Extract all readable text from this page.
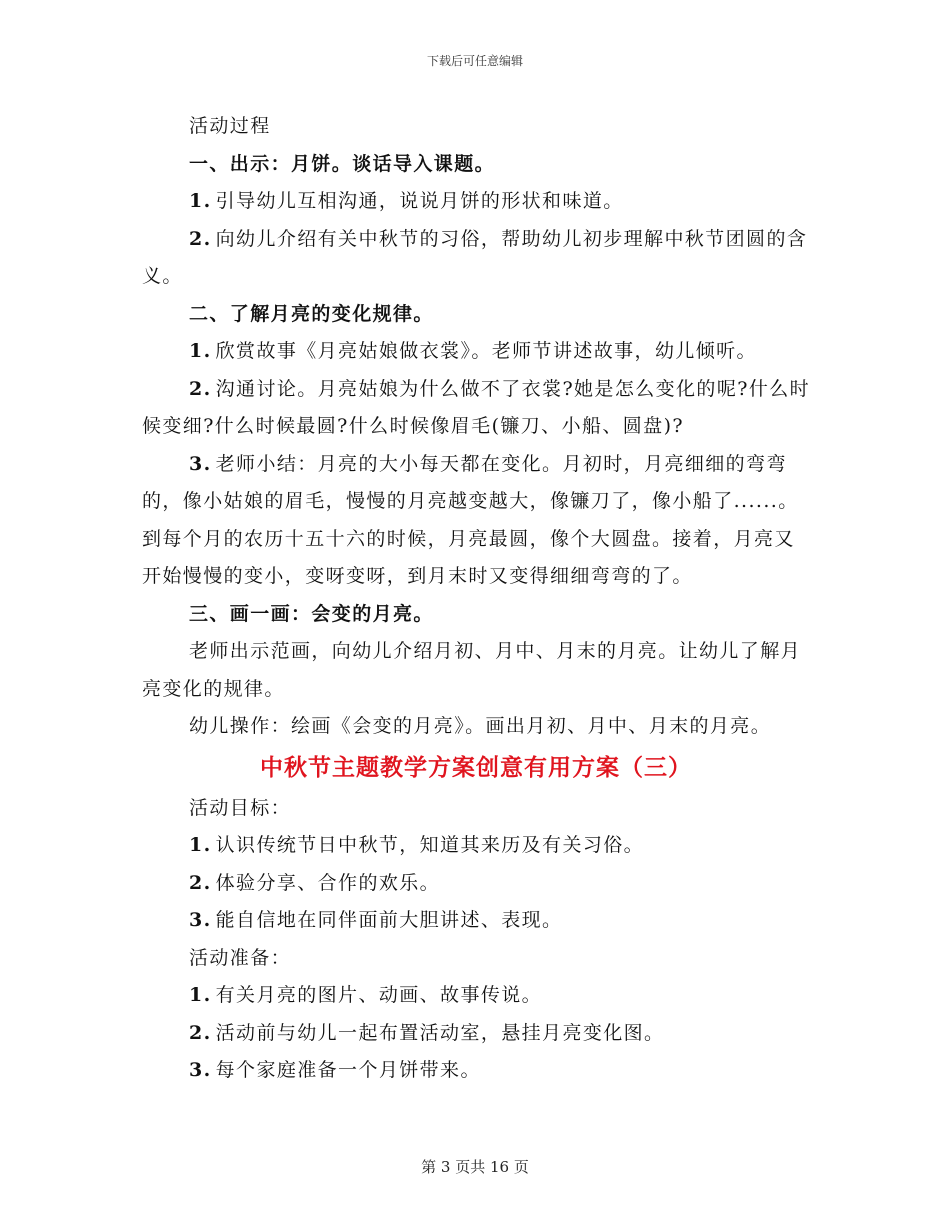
下载后可任意编辑

活动过程

一、出示：月饼。谈话导入课题。

1. 引导幼儿互相沟通，说说月饼的形状和味道。

2. 向幼儿介绍有关中秋节的习俗，帮助幼儿初步理解中秋节团圆的含义。

二、了解月亮的变化规律。

1. 欣赏故事《月亮姑娘做衣裳》。老师节讲述故事，幼儿倾听。

2. 沟通讨论。月亮姑娘为什么做不了衣裳?她是怎么变化的呢?什么时候变细?什么时候最圆?什么时候像眉毛(镰刀、小船、圆盘)?

3. 老师小结：月亮的大小每天都在变化。月初时，月亮细细的弯弯的，像小姑娘的眉毛，慢慢的月亮越变越大，像镰刀了，像小船了......。到每个月的农历十五十六的时候，月亮最圆，像个大圆盘。接着，月亮又开始慢慢的变小，变呀变呀，到月末时又变得细细弯弯的了。

三、画一画：会变的月亮。

老师出示范画，向幼儿介绍月初、月中、月末的月亮。让幼儿了解月亮变化的规律。

幼儿操作：绘画《会变的月亮》。画出月初、月中、月末的月亮。

中秋节主题教学方案创意有用方案（三）

活动目标：

1. 认识传统节日中秋节，知道其来历及有关习俗。

2. 体验分享、合作的欢乐。

3. 能自信地在同伴面前大胆讲述、表现。

活动准备：

1. 有关月亮的图片、动画、故事传说。

2. 活动前与幼儿一起布置活动室，悬挂月亮变化图。

3. 每个家庭准备一个月饼带来。

第 3 页共 16 页
